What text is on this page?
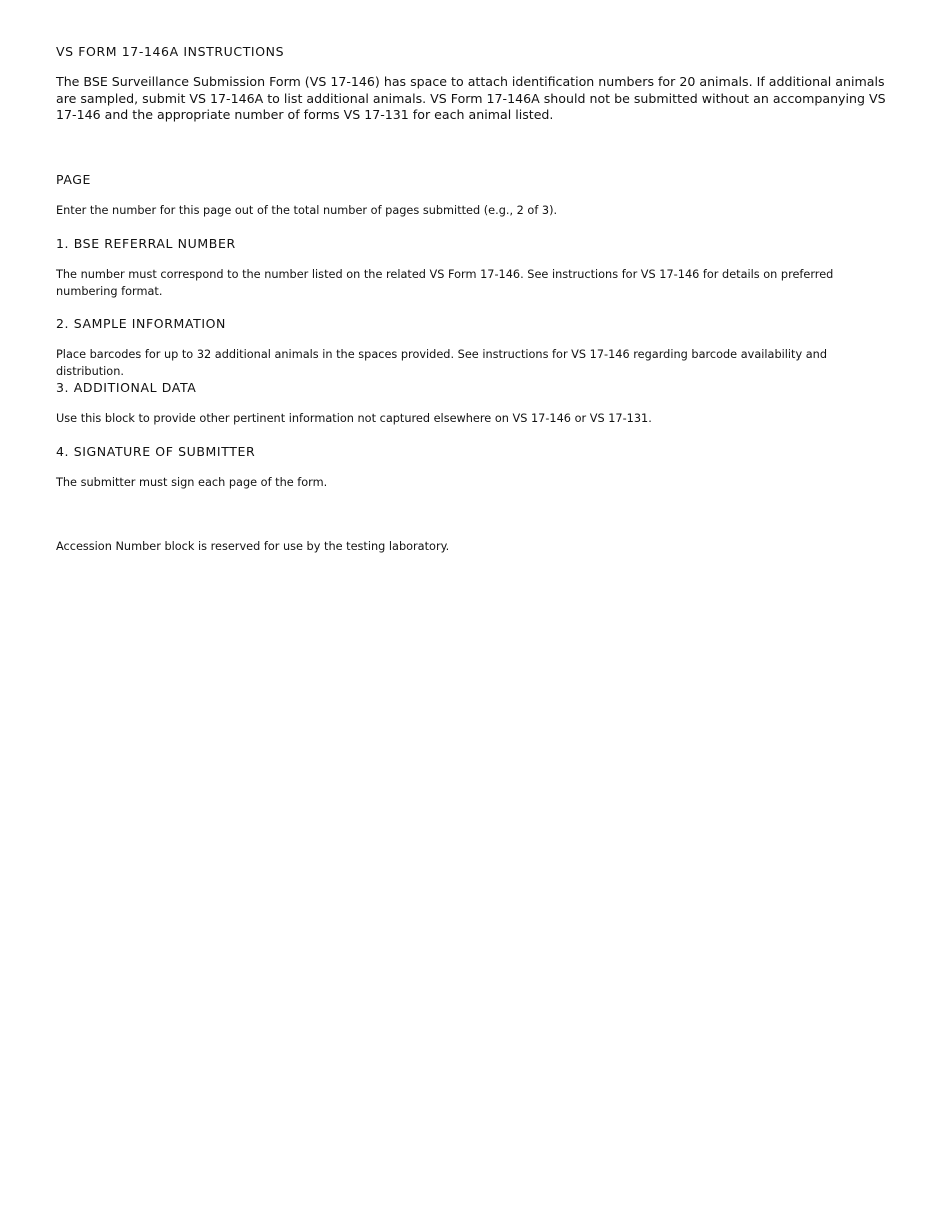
VS FORM 17-146A INSTRUCTIONS

The BSE Surveillance Submission Form (VS 17-146) has space to attach identification numbers for 20 animals. If additional animals are sampled, submit VS 17-146A to list additional animals. VS Form 17-146A should not be submitted without an accompanying VS 17-146 and the appropriate number of forms VS 17-131 for each animal listed.

PAGE

Enter the number for this page out of the total number of pages submitted (e.g., 2 of 3).

1. BSE REFERRAL NUMBER

The number must correspond to the number listed on the related VS Form 17-146. See instructions for VS 17-146 for details on preferred numbering format.

2. SAMPLE INFORMATION

Place barcodes for up to 32 additional animals in the spaces provided. See instructions for VS 17-146 regarding barcode availability and distribution.

3. ADDITIONAL DATA

Use this block to provide other pertinent information not captured elsewhere on VS 17-146 or VS 17-131.

4. SIGNATURE OF SUBMITTER

The submitter must sign each page of the form.

Accession Number block is reserved for use by the testing laboratory.
